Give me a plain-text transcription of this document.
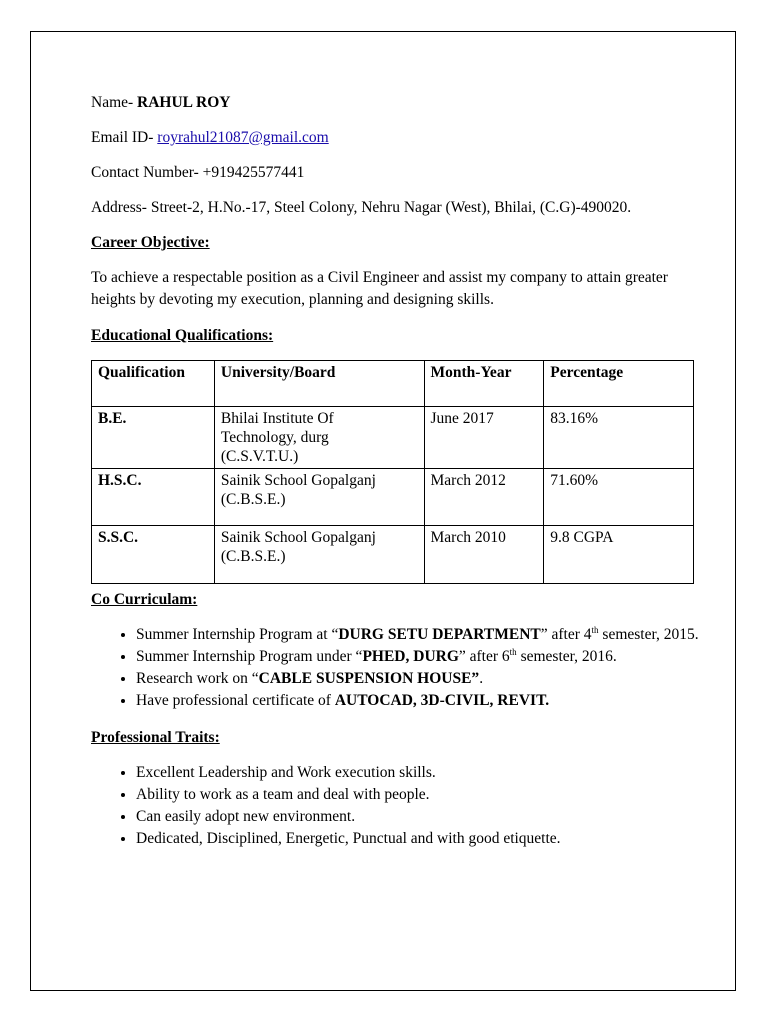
Name- RAHUL ROY

Email ID- royrahul21087@gmail.com

Contact Number- +919425577441

Address- Street-2, H.No.-17, Steel Colony, Nehru Nagar (West), Bhilai, (C.G)-490020.

Career Objective:

To achieve a respectable position as a Civil Engineer and assist my company to attain greater heights by devoting my execution, planning and designing skills.

Educational Qualifications:

Qualification	University/Board	Month-Year	Percentage
B.E.	Bhilai Institute Of
Technology, durg
(C.S.V.T.U.)	June 2017	83.16%
H.S.C.	Sainik School Gopalganj
(C.B.S.E.)	March 2012	71.60%
S.S.C.	Sainik School Gopalganj
(C.B.S.E.)	March 2010	9.8 CGPA

Co Curriculam:

• Summer Internship Program at “DURG SETU DEPARTMENT” after 4th semester, 2015.
• Summer Internship Program under “PHED, DURG” after 6th semester, 2016.
• Research work on “CABLE SUSPENSION HOUSE”.
• Have professional certificate of AUTOCAD, 3D-CIVIL, REVIT.

Professional Traits:

• Excellent Leadership and Work execution skills.
• Ability to work as a team and deal with people.
• Can easily adopt new environment.
• Dedicated, Disciplined, Energetic, Punctual and with good etiquette.
